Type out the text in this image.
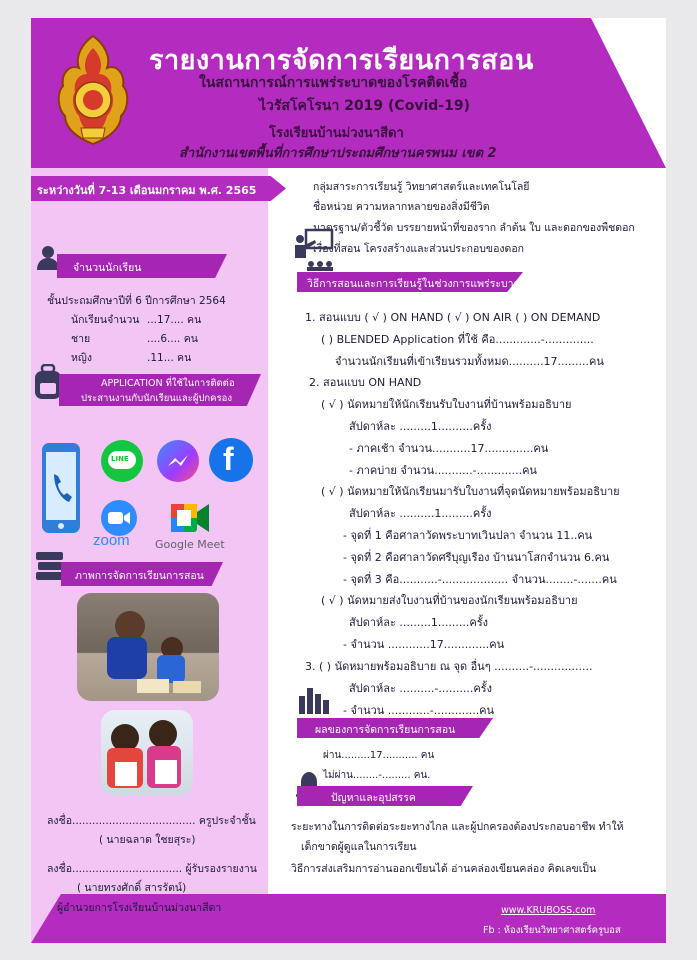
รายงานการจัดการเรียนการสอน
ในสถานการณ์การแพร่ระบาดของโรคติดเชื้อ
ไวรัสโคโรนา 2019 (Covid-19)
โรงเรียนบ้านม่วงนาสีดา
สำนักงานเขตพื้นที่การศึกษาประถมศึกษานครพนม เขต 2
ระหว่างวันที่ 7-13 เดือนมกราคม พ.ศ. 2565
จำนวนนักเรียน
ชั้นประถมศึกษาปีที่ 6 ปีการศึกษา 2564
นักเรียนจำนวน ...17.... คน
ชาย	....6.... คน
หญิง	.11... คน
APPLICATION ที่ใช้ในการติดต่อ
ประสานงานกับนักเรียนและผู้ปกครอง
LINE	f
zoom Google Meet
ภาพการจัดการเรียนการสอน
ลงชื่อ..................................... ครูประจำชั้น
( นายฉลาด ใชยสุระ)
ลงชื่อ................................. ผู้รับรองรายงาน
( นายทรงศักดิ์ สารรัตน์)
ผู้อำนวยการโรงเรียนบ้านม่วงนาสีดา
กลุ่มสาระการเรียนรู้ วิทยาศาสตร์และเทคโนโลยี
ชื่อหน่วย ความหลากหลายของสิ่งมีชีวิต
มาตรฐาน/ตัวชี้วัด บรรยายหน้าที่ของราก ลำต้น ใบ และดอกของพืชดอก
เรื่องที่สอน โครงสร้างและส่วนประกอบของดอก
วิธีการสอนและการเรียนรู้ในช่วงการแพร่ระบาด
1. สอนแบบ ( √ ) ON HAND ( √ ) ON AIR ( ) ON DEMAND
( ) BLENDED Application ที่ใช้ คือ.............-..............
จำนวนนักเรียนที่เข้าเรียนรวมทั้งหมด..........17.........คน
2. สอนแบบ ON HAND
( √ ) นัดหมายให้นักเรียนรับใบงานที่บ้านพร้อมอธิบาย
สัปดาห์ละ .........1..........ครั้ง
- ภาคเช้า จำนวน...........17..............คน
- ภาคบ่าย จำนวน...........-.............คน
( √ ) นัดหมายให้นักเรียนมารับใบงานที่จุดนัดหมายพร้อมอธิบาย
สัปดาห์ละ ..........1.........ครั้ง
- จุดที่ 1 คือศาลาวัดพระบาทเวินปลา จำนวน 11..คน
- จุดที่ 2 คือศาลาวัดศรีบุญเรือง บ้านนาโสกจำนวน 6.คน
- จุดที่ 3 คือ...........-................... จำนวน........-.......คน
( √ ) นัดหมายส่งใบงานที่บ้านของนักเรียนพร้อมอธิบาย
สัปดาห์ละ .........1.........ครั้ง
- จำนวน ............17.............คน
3. ( ) นัดหมายพร้อมอธิบาย ณ จุด อื่นๆ ..........-.................
สัปดาห์ละ ..........-..........ครั้ง
- จำนวน ............-.............คน
ผลของการจัดการเรียนการสอน
ผ่าน.........17........... คน
ไม่ผ่าน........-......... คน.
ปัญหาและอุปสรรค
ระยะทางในการติดต่อระยะทางไกล และผู้ปกครองต้องประกอบอาชีพ ทำให้
เด็กขาดผู้ดูแลในการเรียน
วิธีการส่งเสริมการอ่านออกเขียนได้ อ่านคล่องเขียนคล่อง คิดเลขเป็น
www.KRUBOSS.com
Fb : ห้องเรียนวิทยาศาสตร์ครูบอส
